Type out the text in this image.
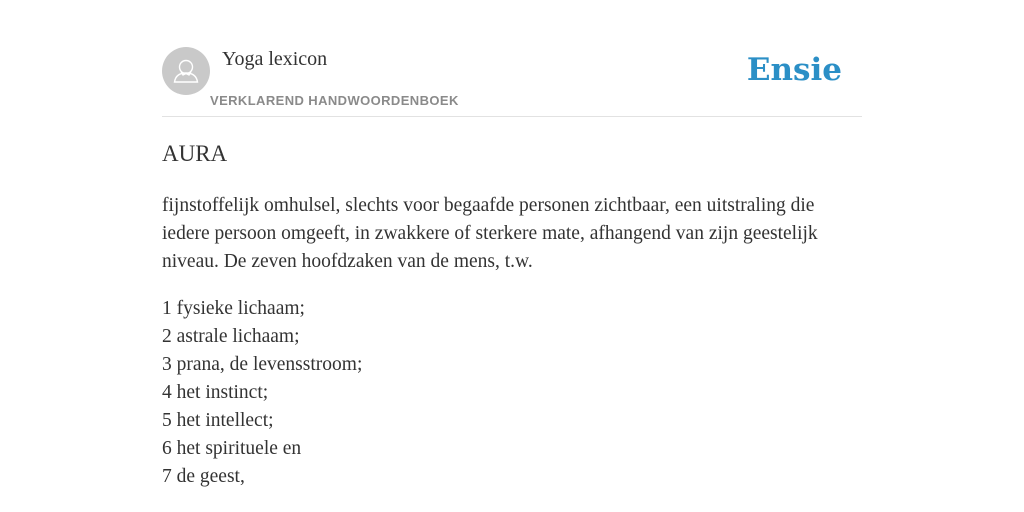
Yoga lexicon
VERKLAREND HANDWOORDENBOEK
Ensie
AURA

fijnstoffelijk omhulsel, slechts voor begaafde personen zichtbaar, een uitstraling die iedere persoon omgeeft, in zwakkere of sterkere mate, afhangend van zijn geestelijk niveau. De zeven hoofdzaken van de mens, t.w.

1 fysieke lichaam;
2 astrale lichaam;
3 prana, de levensstroom;
4 het instinct;
5 het intellect;
6 het spirituele en
7 de geest,
